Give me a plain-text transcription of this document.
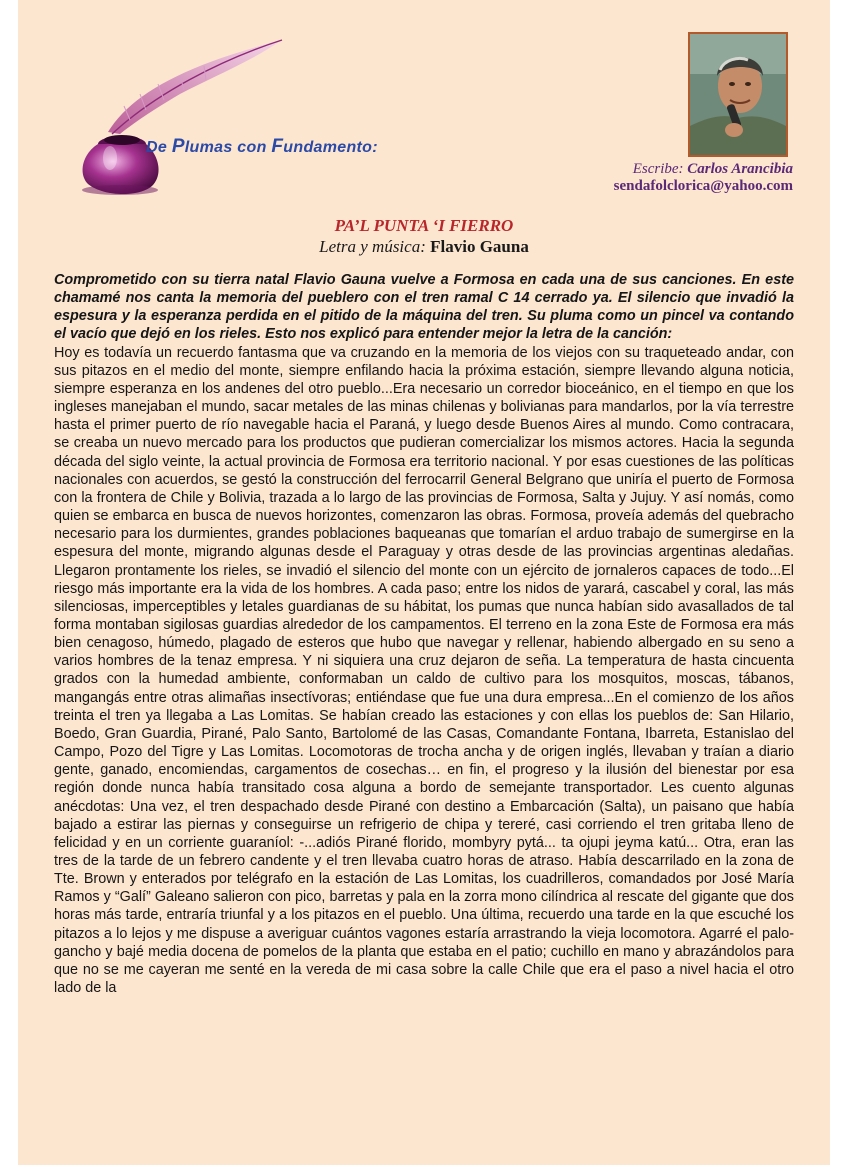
De Plumas con Fundamento:
Escribe: Carlos Arancibia
sendafolclorica@yahoo.com
PA’L PUNTA ‘I FIERRO
Letra y música: Flavio Gauna

Comprometido con su tierra natal Flavio Gauna vuelve a Formosa en cada una de sus canciones. En este chamamé nos canta la memoria del pueblero con el tren ramal C 14 cerrado ya. El silencio que invadió la espesura y la esperanza perdida en el pitido de la máquina del tren. Su pluma como un pincel va contando el vacío que dejó en los rieles. Esto nos explicó para entender mejor la letra de la canción:

Hoy es todavía un recuerdo fantasma que va cruzando en la memoria de los viejos con su traqueteado andar, con sus pitazos en el medio del monte, siempre enfilando hacia la próxima estación, siempre llevando alguna noticia, siempre esperanza en los andenes del otro pueblo...Era necesario un corredor bioceánico, en el tiempo en que los ingleses manejaban el mundo, sacar metales de las minas chilenas y bolivianas para mandarlos, por la vía terrestre hasta el primer puerto de río navegable hacia el Paraná, y luego desde Buenos Aires al mundo. Como contracara, se creaba un nuevo mercado para los productos que pudieran comercializar los mismos actores. Hacia la segunda década del siglo veinte, la actual provincia de Formosa era territorio nacional. Y por esas cuestiones de las políticas nacionales con acuerdos, se gestó la construcción del ferrocarril General Belgrano que uniría el puerto de Formosa con la frontera de Chile y Bolivia, trazada a lo largo de las provincias de Formosa, Salta y Jujuy. Y así nomás, como quien se embarca en busca de nuevos horizontes, comenzaron las obras. Formosa, proveía además del quebracho necesario para los durmientes, grandes poblaciones baqueanas que tomarían el arduo trabajo de sumergirse en la espesura del monte, migrando algunas desde el Paraguay y otras desde de las provincias argentinas aledañas. Llegaron prontamente los rieles, se invadió el silencio del monte con un ejército de jornaleros capaces de todo...El riesgo más importante era la vida de los hombres. A cada paso; entre los nidos de yarará, cascabel y coral, las más silenciosas, imperceptibles y letales guardianas de su hábitat, los pumas que nunca habían sido avasallados de tal forma montaban sigilosas guardias alrededor de los campamentos. El terreno en la zona Este de Formosa era más bien cenagoso, húmedo, plagado de esteros que hubo que navegar y rellenar, habiendo albergado en su seno a varios hombres de la tenaz empresa. Y ni siquiera una cruz dejaron de seña. La temperatura de hasta cincuenta grados con la humedad ambiente, conformaban un caldo de cultivo para los mosquitos, moscas, tábanos, mangangás entre otras alimañas insectívoras; entiéndase que fue una dura empresa...En el comienzo de los años treinta el tren ya llegaba a Las Lomitas. Se habían creado las estaciones y con ellas los pueblos de: San Hilario, Boedo, Gran Guardia, Pirané, Palo Santo, Bartolomé de las Casas, Comandante Fontana, Ibarreta, Estanislao del Campo, Pozo del Tigre y Las Lomitas. Locomotoras de trocha ancha y de origen inglés, llevaban y traían a diario gente, ganado, encomiendas, cargamentos de cosechas… en fin, el progreso y la ilusión del bienestar por esa región donde nunca había transitado cosa alguna a bordo de semejante transportador. Les cuento algunas anécdotas: Una vez, el tren despachado desde Pirané con destino a Embarcación (Salta), un paisano que había bajado a estirar las piernas y conseguirse un refrigerio de chipa y tereré, casi corriendo el tren gritaba lleno de felicidad y en un corriente guaraníol: -...adiós Pirané florido, mombyry pytá... ta ojupi jeyma katú... Otra, eran las tres de la tarde de un febrero candente y el tren llevaba cuatro horas de atraso. Había descarrilado en la zona de Tte. Brown y enterados por telégrafo en la estación de Las Lomitas, los cuadrilleros, comandados por José María Ramos y “Galí” Galeano salieron con pico, barretas y pala en la zorra mono cilíndrica al rescate del gigante que dos horas más tarde, entraría triunfal y a los pitazos en el pueblo. Una última, recuerdo una tarde en la que escuché los pitazos a lo lejos y me dispuse a averiguar cuántos vagones estaría arrastrando la vieja locomotora. Agarré el palo-gancho y bajé media docena de pomelos de la planta que estaba en el patio; cuchillo en mano y abrazándolos para que no se me cayeran me senté en la vereda de mi casa sobre la calle Chile que era el paso a nivel hacia el otro lado de la
